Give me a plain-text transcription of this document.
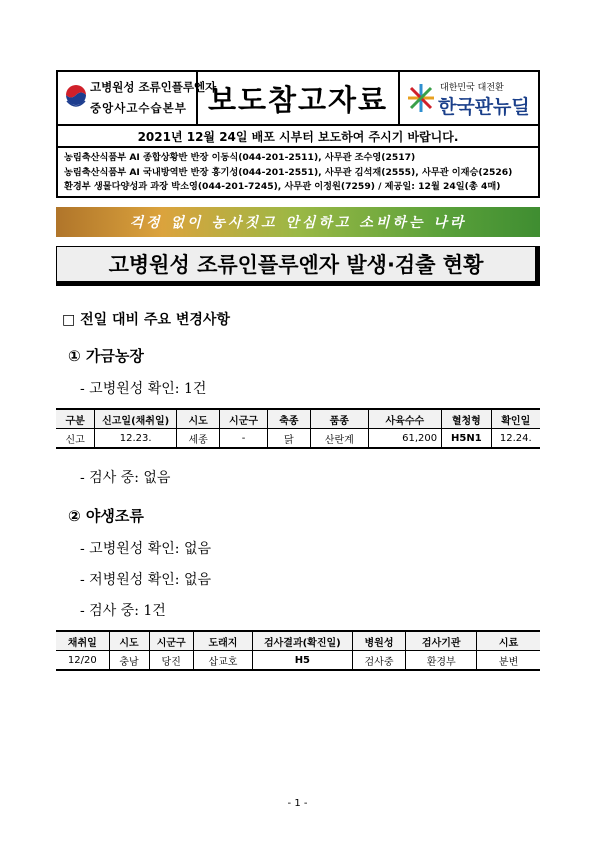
고병원성 조류인플루엔자
중앙사고수습본부 보도참고자료	대한민국 대전환
한국판뉴딜
2021년 12월 24일 배포 시부터 보도하여 주시기 바랍니다.
농림축산식품부 AI 종합상황반 반장 이동식(044-201-2511), 사무관 조수영(2517)
농림축산식품부 AI 국내방역반 반장 홍기성(044-201-2551), 사무관 김석재(2555), 사무관 이재승(2526)
환경부 생물다양성과 과장 박소영(044-201-7245), 사무관 이정원(7259) / 제공일: 12월 24일(총 4매)
걱정 없이 농사짓고 안심하고 소비하는 나라
고병원성 조류인플루엔자 발생·검출 현황
□ 전일 대비 주요 변경사항
① 가금농장
- 고병원성 확인: 1건
구분	신고일(채취일)	시도	시군구	축종	품종	사육수수	혈청형	확인일
신고	12.23.	세종	-	닭	산란계	61,200	H5N1	12.24.
- 검사 중: 없음
② 야생조류
- 고병원성 확인: 없음
- 저병원성 확인: 없음
- 검사 중: 1건
채취일	시도	시군구	도래지	검사결과(확진일)	병원성	검사기관	시료
12/20	충남	당진	삽교호	H5	검사중	환경부	분변
- 1 -
